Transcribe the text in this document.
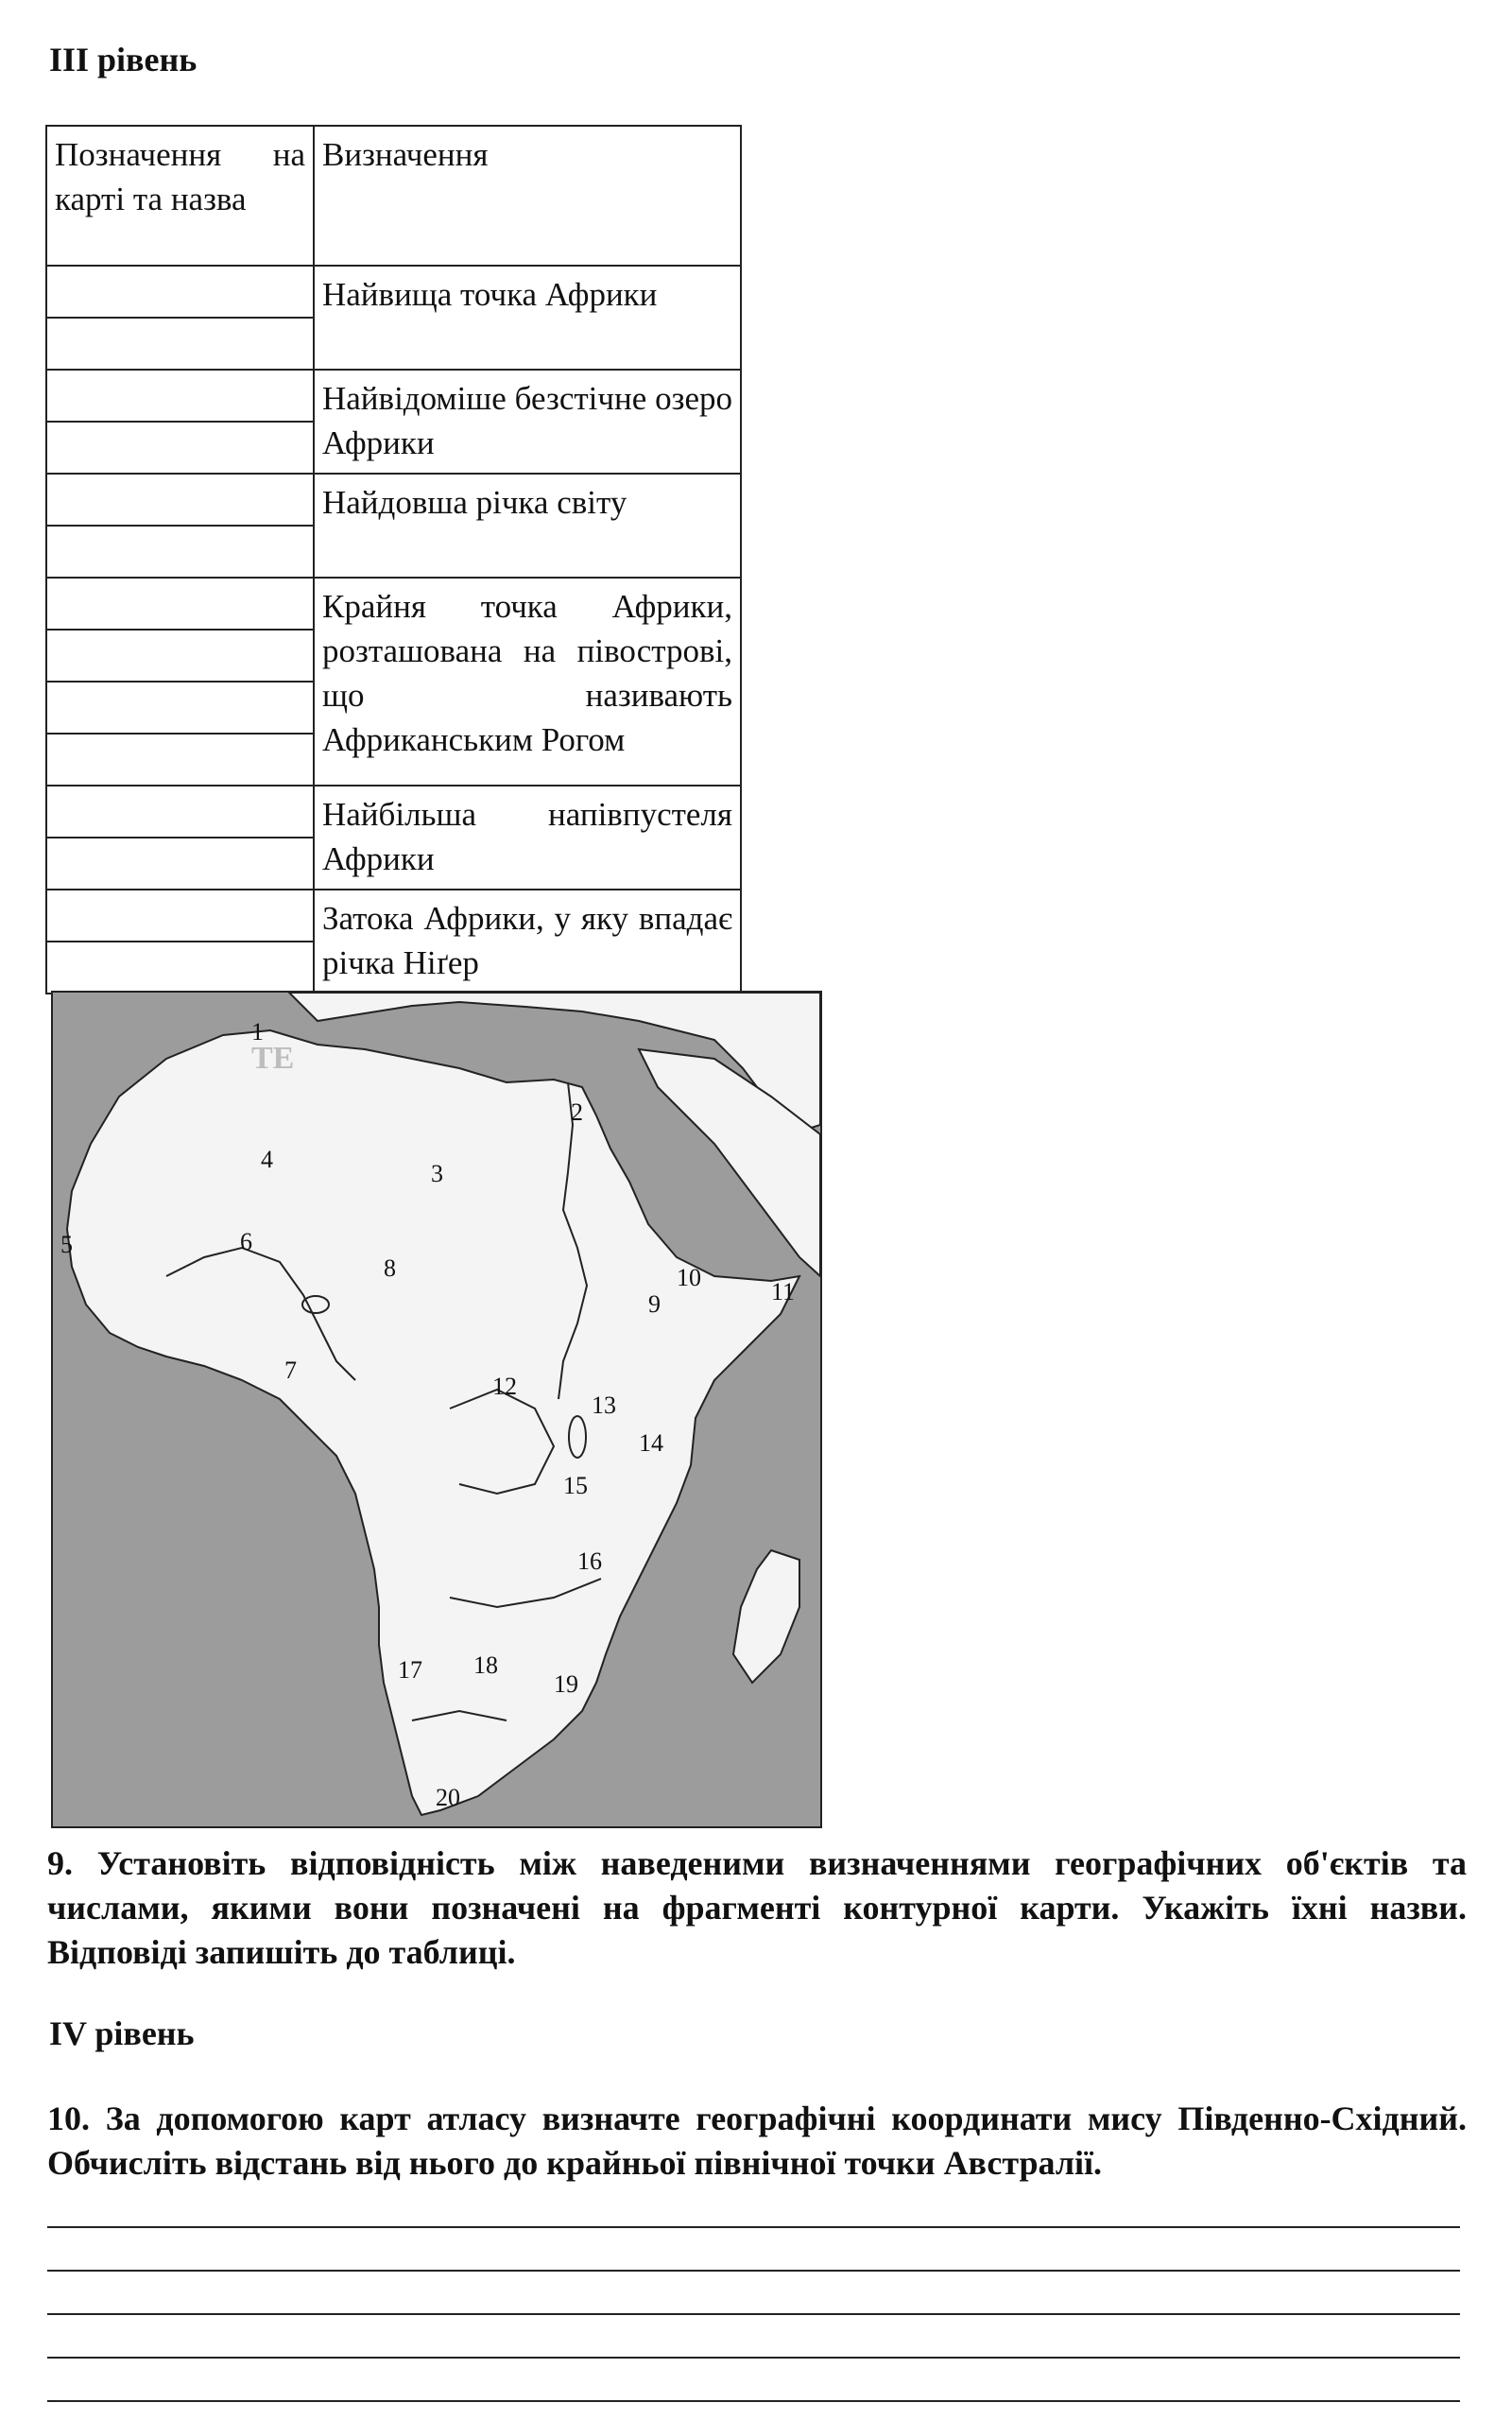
III рівень
Позначення на карті та назва	Визначення

	Найвища точка Африки

	Найвідоміше безстічне озеро Африки

	Найдовша річка світу

	Крайня точка Африки, розташована на півострові, що називають Африканським Рогом

	Найбільша напівпустеля Африки

	Затока Африки, у яку впадає річка Ніґер
ТЕ
1
2
3
4
5	6
7
8
9
10
11
12
13
14
15
16
17 18
19
20
9. Установіть відповідність між наведеними визначеннями географічних об'єктів та числами, якими вони позначені на фрагменті контурної карти. Укажіть їхні назви. Відповіді запишіть до таблиці.
IV рівень
10. За допомогою карт атласу визначте географічні координати мису Південно-Східний. Обчисліть відстань від нього до крайньої північної точки Австралії.
